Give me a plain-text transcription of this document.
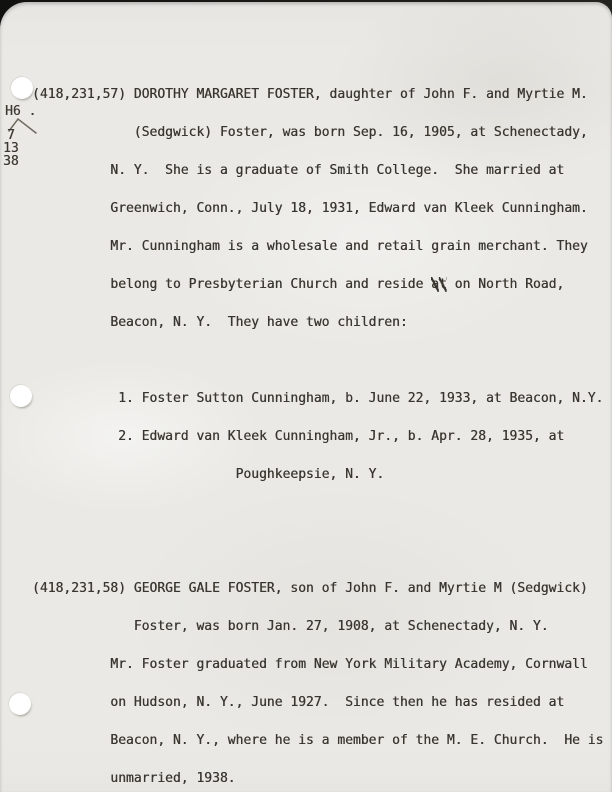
H6 .
7
13
38

(418,231,57) DOROTHY MARGARET FOSTER, daughter of John F. and Myrtie M.

(Sedgwick) Foster, was born Sep. 16, 1905, at Schenectady,

N. Y.  She is a graduate of Smith College.  She married at

Greenwich, Conn., July 18, 1931, Edward van Kleek Cunningham.

Mr. Cunningham is a wholesale and retail grain merchant. They

belong to Presbyterian Church and reside at on North Road,

Beacon, N. Y.  They have two children:

1. Foster Sutton Cunningham, b. June 22, 1933, at Beacon, N.Y.

2. Edward van Kleek Cunningham, Jr., b. Apr. 28, 1935, at

Poughkeepsie, N. Y.

(418,231,58) GEORGE GALE FOSTER, son of John F. and Myrtie M (Sedgwick)

Foster, was born Jan. 27, 1908, at Schenectady, N. Y.

Mr. Foster graduated from New York Military Academy, Cornwall

on Hudson, N. Y., June 1927.  Since then he has resided at

Beacon, N. Y., where he is a member of the M. E. Church.  He is

unmarried, 1938.
